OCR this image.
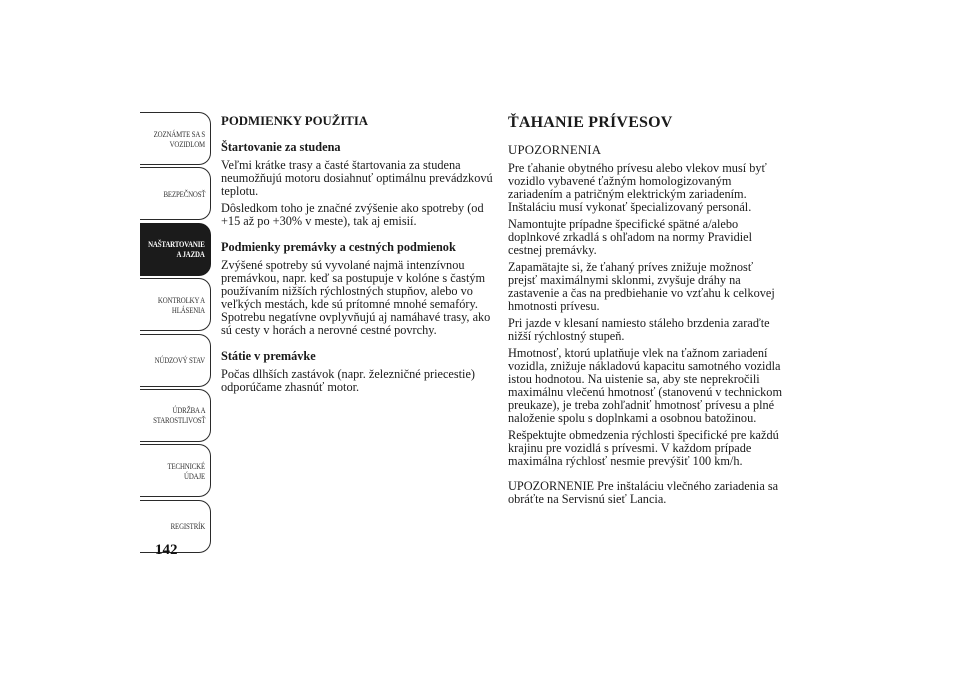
ZOZNÁMTE SA S VOZIDLOM
BEZPEČNOSŤ
NAŠTARTOVANIE A JAZDA
KONTROLKY A HLÁSENIA
NÚDZOVÝ STAV
ÚDRŽBA A STAROSTLIVOSŤ
TECHNICKÉ ÚDAJE
REGISTRÍK
142
PODMIENKY POUŽITIA
Štartovanie za studena

Veľmi krátke trasy a časté štartovania za studena neumožňujú motoru dosiahnuť optimálnu prevádzkovú teplotu.

Dôsledkom toho je značné zvýšenie ako spotreby (od +15 až po +30% v meste), tak aj emisií.

Podmienky premávky a cestných podmienok

Zvýšené spotreby sú vyvolané najmä intenzívnou premávkou, napr. keď sa postupuje v kolóne s častým používaním nižších rýchlostných stupňov, alebo vo veľkých mestách, kde sú prítomné mnohé semafóry. Spotrebu negatívne ovplyvňujú aj namáhavé trasy, ako sú cesty v horách a nerovné cestné povrchy.

Státie v premávke

Počas dlhších zastávok (napr. železničné priecestie) odporúčame zhasnúť motor.

ŤAHANIE PRÍVESOV
UPOZORNENIA

Pre ťahanie obytného prívesu alebo vlekov musí byť vozidlo vybavené ťažným homologizovaným zariadením a patričným elektrickým zariadením. Inštaláciu musí vykonať špecializovaný personál.

Namontujte prípadne špecifické spätné a/alebo doplnkové zrkadlá s ohľadom na normy Pravidiel cestnej premávky.

Zapamätajte si, že ťahaný príves znižuje možnosť prejsť maximálnymi sklonmi, zvyšuje dráhy na zastavenie a čas na predbiehanie vo vzťahu k celkovej hmotnosti prívesu.

Pri jazde v klesaní namiesto stáleho brzdenia zaraďte nižší rýchlostný stupeň.

Hmotnosť, ktorú uplatňuje vlek na ťažnom zariadení vozidla, znižuje nákladovú kapacitu samotného vozidla istou hodnotou. Na uistenie sa, aby ste neprekročili maximálnu vlečenú hmotnosť (stanovenú v technickom preukaze), je treba zohľadniť hmotnosť prívesu a plné naloženie spolu s doplnkami a osobnou batožinou.

Rešpektujte obmedzenia rýchlosti špecifické pre každú krajinu pre vozidlá s prívesmi. V každom prípade maximálna rýchlosť nesmie prevýšiť 100 km/h.

UPOZORNENIE Pre inštaláciu vlečného zariadenia sa obráťte na Servisnú sieť Lancia.
